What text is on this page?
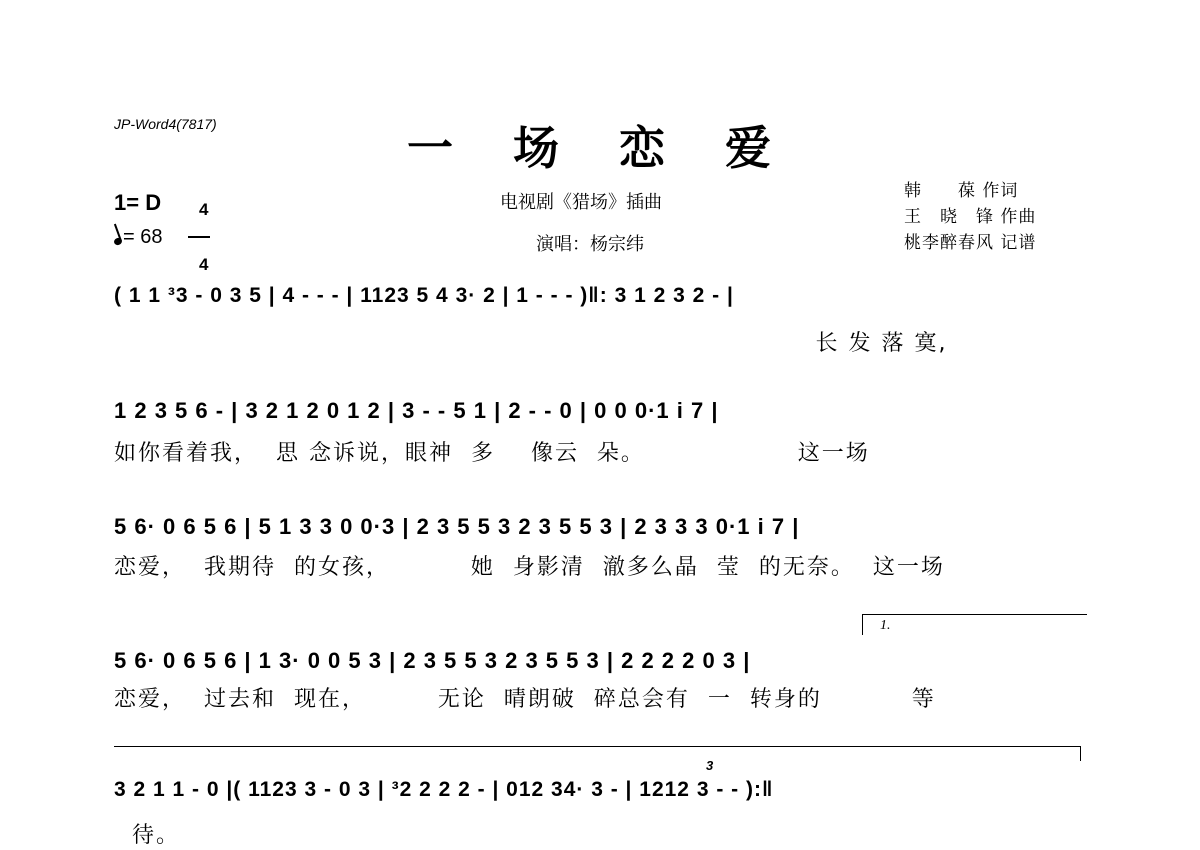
JP-Word4(7817)	一 场 恋 爱
1= D	4

4

= 68
电视剧《猎场》插曲
演唱：杨宗纬
韩　　葆 作词
王　晓　锋 作曲
桃李醉春风 记谱
( 1 1 ³3 - 0 3 5 | 4 - - - | 1123 5 4 3· 2 | 1 - - - )‖: 3 1 2 3 2 - |
长 发 落 寞,
1 2 3 5 6 - | 3 2 1 2 0 1 2 | 3 - - 5 1 | 2 - - 0 | 0 0 0·1 i 7 |
如你看着我，  思 念诉说，眼神  多    像云  朵。                 这一场
5 6· 0 6 5 6 | 5 1 3 3 0 0·3 | 2 3 5 5 3 2 3 5 5 3 | 2 3 3 3 0·1 i 7 |
恋爱，  我期待  的女孩，         她  身影清  澈多么晶  莹  的无奈。  这一场
1.
5 6· 0 6 5 6 | 1 3· 0 0 5 3 | 2 3 5 5 3 2 3 5 5 3 | 2 2 2 2 0 3 |
恋爱，  过去和  现在，        无论  晴朗破  碎总会有  一  转身的          等
3
3 2 1 1 - 0 |( 1123 3 - 0 3 | ³2 2 2 2 - | 012 34· 3 - | 1212 3 - - ):‖
待。
